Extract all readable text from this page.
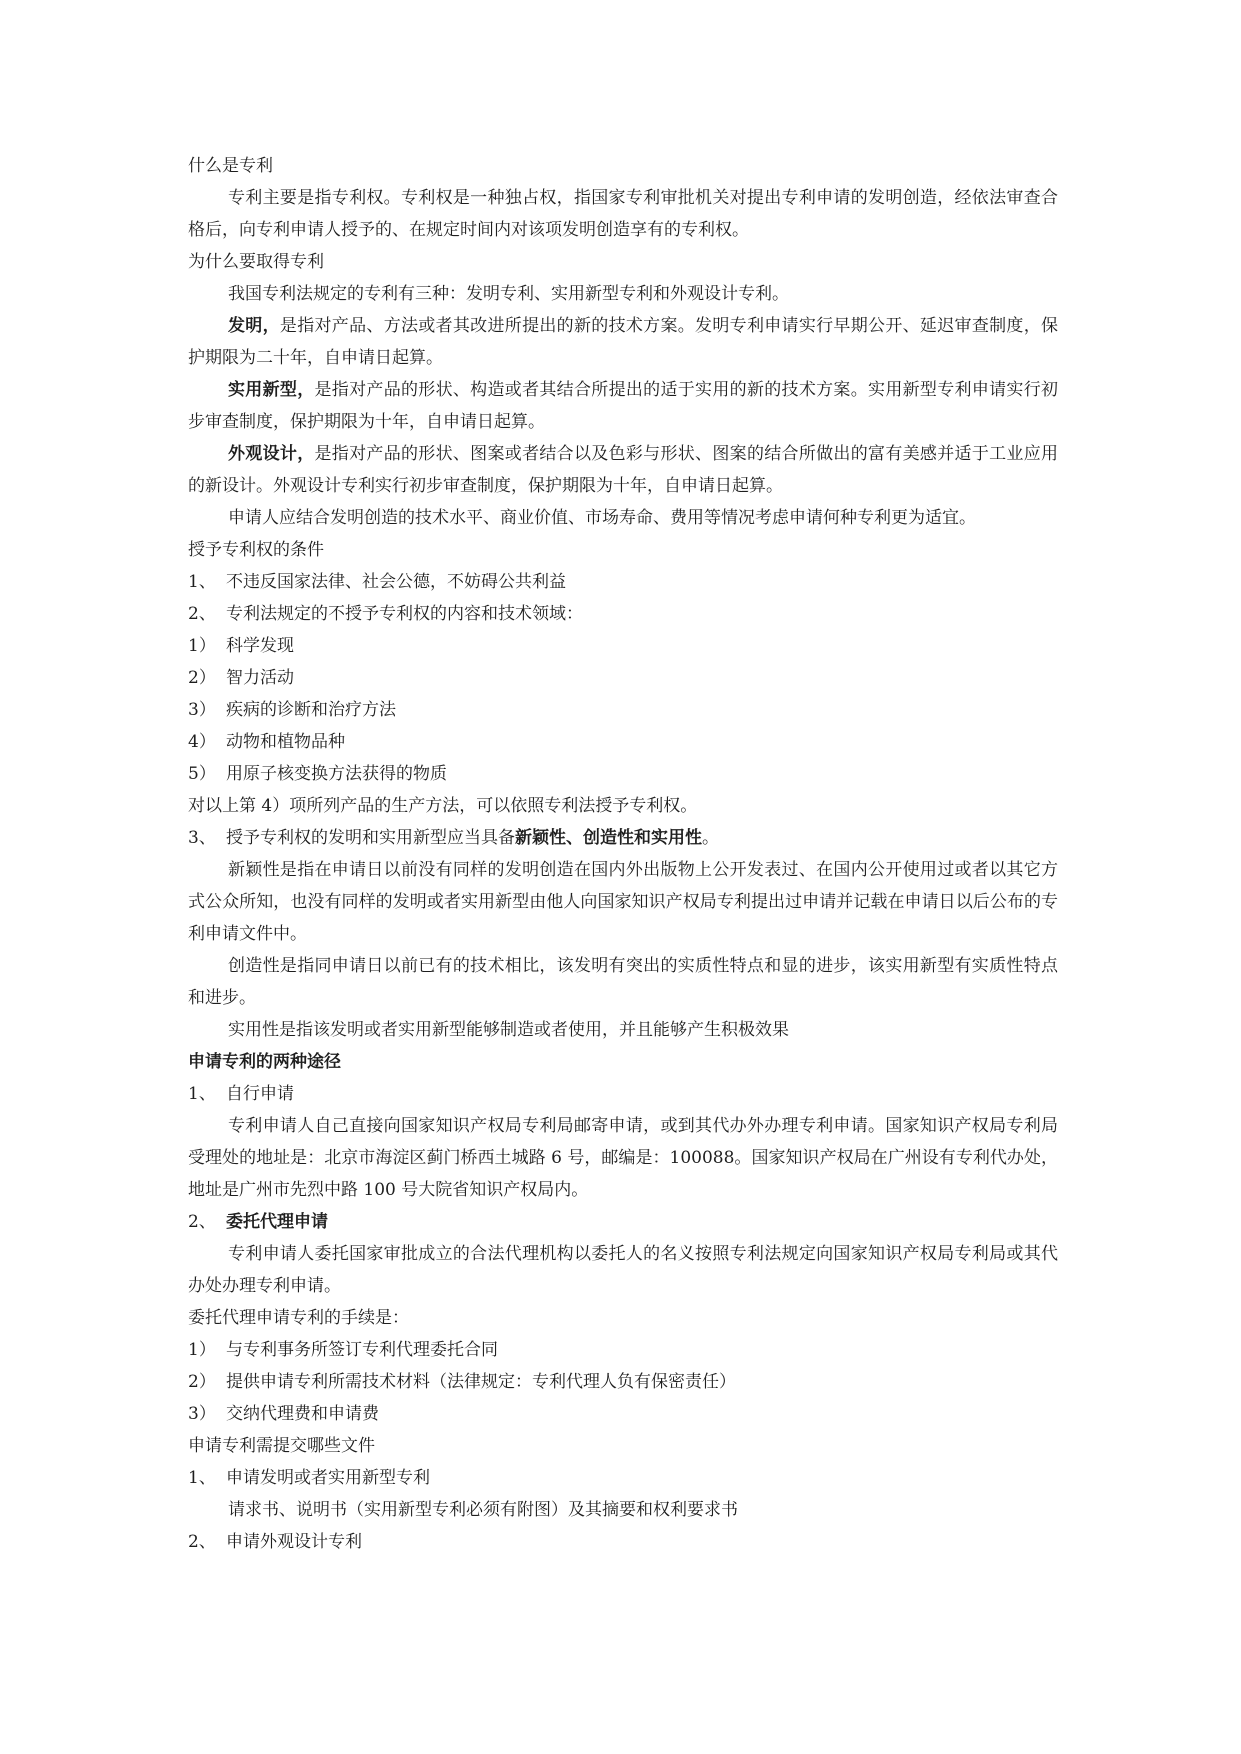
什么是专利

专利主要是指专利权。专利权是一种独占权，指国家专利审批机关对提出专利申请的发明创造，经依法审查合格后，向专利申请人授予的、在规定时间内对该项发明创造享有的专利权。

为什么要取得专利

我国专利法规定的专利有三种：发明专利、实用新型专利和外观设计专利。

发明，是指对产品、方法或者其改进所提出的新的技术方案。发明专利申请实行早期公开、延迟审查制度，保护期限为二十年，自申请日起算。

实用新型，是指对产品的形状、构造或者其结合所提出的适于实用的新的技术方案。实用新型专利申请实行初步审查制度，保护期限为十年，自申请日起算。

外观设计，是指对产品的形状、图案或者结合以及色彩与形状、图案的结合所做出的富有美感并适于工业应用的新设计。外观设计专利实行初步审查制度，保护期限为十年，自申请日起算。

申请人应结合发明创造的技术水平、商业价值、市场寿命、费用等情况考虑申请何种专利更为适宜。

授予专利权的条件

1、 不违反国家法律、社会公德，不妨碍公共利益

2、 专利法规定的不授予专利权的内容和技术领域：

1） 科学发现

2） 智力活动

3） 疾病的诊断和治疗方法

4） 动物和植物品种

5） 用原子核变换方法获得的物质

对以上第 4）项所列产品的生产方法，可以依照专利法授予专利权。

3、 授予专利权的发明和实用新型应当具备新颖性、创造性和实用性。

新颖性是指在申请日以前没有同样的发明创造在国内外出版物上公开发表过、在国内公开使用过或者以其它方式公众所知，也没有同样的发明或者实用新型由他人向国家知识产权局专利提出过申请并记载在申请日以后公布的专利申请文件中。

创造性是指同申请日以前已有的技术相比，该发明有突出的实质性特点和显的进步，该实用新型有实质性特点和进步。

实用性是指该发明或者实用新型能够制造或者使用，并且能够产生积极效果

申请专利的两种途径

1、 自行申请

专利申请人自己直接向国家知识产权局专利局邮寄申请，或到其代办外办理专利申请。国家知识产权局专利局受理处的地址是：北京市海淀区蓟门桥西土城路 6 号，邮编是：100088。国家知识产权局在广州设有专利代办处，地址是广州市先烈中路 100 号大院省知识产权局内。

2、 委托代理申请

专利申请人委托国家审批成立的合法代理机构以委托人的名义按照专利法规定向国家知识产权局专利局或其代办处办理专利申请。

委托代理申请专利的手续是：

1） 与专利事务所签订专利代理委托合同

2） 提供申请专利所需技术材料（法律规定：专利代理人负有保密责任）

3） 交纳代理费和申请费

申请专利需提交哪些文件

1、 申请发明或者实用新型专利

请求书、说明书（实用新型专利必须有附图）及其摘要和权利要求书

2、 申请外观设计专利
